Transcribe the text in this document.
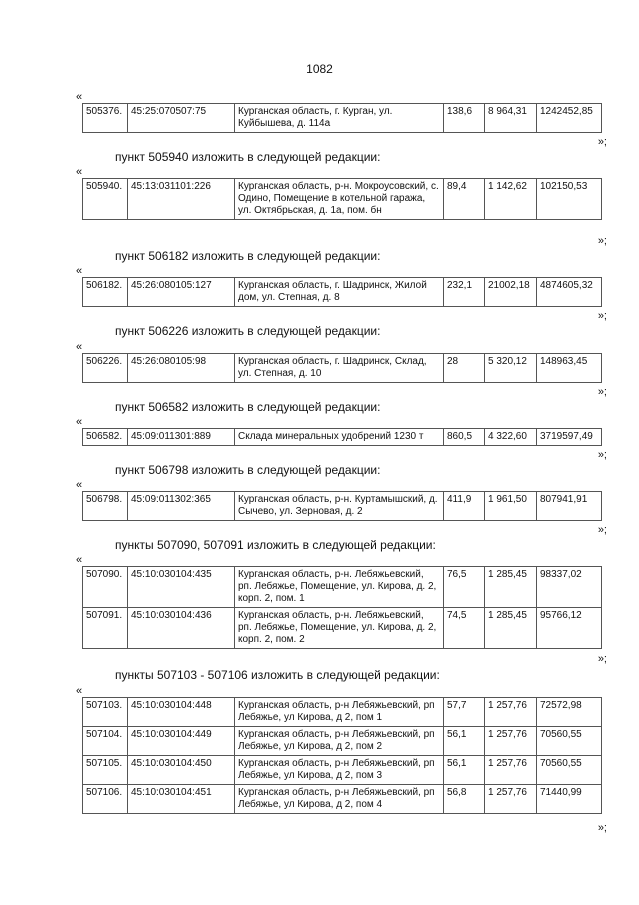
1082
«
505376.	45:25:070507:75	Курганская область, г. Курган, ул. Куйбышева, д. 114а	138,6	8 964,31	1242452,85
»;
пункт 505940 изложить в следующей редакции:
«
505940.	45:13:031101:226	Курганская область, р-н. Мокроусовский, с. Одино, Помещение в котельной гаража, ул. Октябрьская, д. 1а, пом. бн	89,4	1 142,62	102150,53
»;
пункт 506182 изложить в следующей редакции:
«
506182.	45:26:080105:127	Курганская область, г. Шадринск, Жилой дом, ул. Степная, д. 8	232,1	21002,18	4874605,32
»;
пункт 506226 изложить в следующей редакции:
«
506226.	45:26:080105:98	Курганская область, г. Шадринск, Склад, ул. Степная, д. 10	28	5 320,12	148963,45
»;
пункт 506582 изложить в следующей редакции:
«
506582.	45:09:011301:889	Склада минеральных удобрений 1230 т	860,5	4 322,60	3719597,49
»;
пункт 506798 изложить в следующей редакции:
«
506798.	45:09:011302:365	Курганская область, р-н. Куртамышский, д. Сычево, ул. Зерновая, д. 2	411,9	1 961,50	807941,91
»;
пункты 507090, 507091 изложить в следующей редакции:
«
507090.	45:10:030104:435	Курганская область, р-н. Лебяжьевский, рп. Лебяжье, Помещение, ул. Кирова, д. 2, корп. 2, пом. 1	76,5	1 285,45	98337,02
507091.	45:10:030104:436	Курганская область, р-н. Лебяжьевский, рп. Лебяжье, Помещение, ул. Кирова, д. 2, корп. 2, пом. 2	74,5	1 285,45	95766,12
»;
пункты 507103 - 507106 изложить в следующей редакции:
«
507103.	45:10:030104:448	Курганская область, р-н Лебяжьевский, рп Лебяжье, ул Кирова, д 2, пом 1	57,7	1 257,76	72572,98
507104.	45:10:030104:449	Курганская область, р-н Лебяжьевский, рп Лебяжье, ул Кирова, д 2, пом 2	56,1	1 257,76	70560,55
507105.	45:10:030104:450	Курганская область, р-н Лебяжьевский, рп Лебяжье, ул Кирова, д 2, пом 3	56,1	1 257,76	70560,55
507106.	45:10:030104:451	Курганская область, р-н Лебяжьевский, рп Лебяжье, ул Кирова, д 2, пом 4	56,8	1 257,76	71440,99
»;
